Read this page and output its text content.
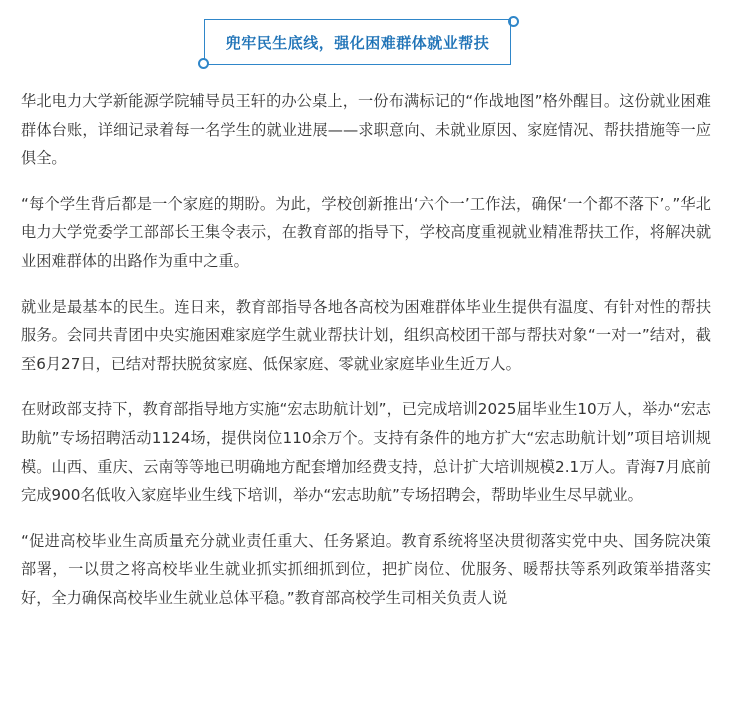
兜牢民生底线，强化困难群体就业帮扶

华北电力大学新能源学院辅导员王轩的办公桌上，一份布满标记的“作战地图”格外醒目。这份就业困难群体台账，详细记录着每一名学生的就业进展——求职意向、未就业原因、家庭情况、帮扶措施等一应俱全。

“每个学生背后都是一个家庭的期盼。为此，学校创新推出‘六个一’工作法，确保‘一个都不落下’。”华北电力大学党委学工部部长王集令表示，在教育部的指导下，学校高度重视就业精准帮扶工作，将解决就业困难群体的出路作为重中之重。

就业是最基本的民生。连日来，教育部指导各地各高校为困难群体毕业生提供有温度、有针对性的帮扶服务。会同共青团中央实施困难家庭学生就业帮扶计划，组织高校团干部与帮扶对象“一对一”结对，截至6月27日，已结对帮扶脱贫家庭、低保家庭、零就业家庭毕业生近万人。

在财政部支持下，教育部指导地方实施“宏志助航计划”，已完成培训2025届毕业生10万人，举办“宏志助航”专场招聘活动1124场，提供岗位110余万个。支持有条件的地方扩大“宏志助航计划”项目培训规模。山西、重庆、云南等等地已明确地方配套增加经费支持，总计扩大培训规模2.1万人。青海7月底前完成900名低收入家庭毕业生线下培训，举办“宏志助航”专场招聘会，帮助毕业生尽早就业。

“促进高校毕业生高质量充分就业责任重大、任务紧迫。教育系统将坚决贯彻落实党中央、国务院决策部署，一以贯之将高校毕业生就业抓实抓细抓到位，把扩岗位、优服务、暖帮扶等系列政策举措落实好，全力确保高校毕业生就业总体平稳。”教育部高校学生司相关负责人说
